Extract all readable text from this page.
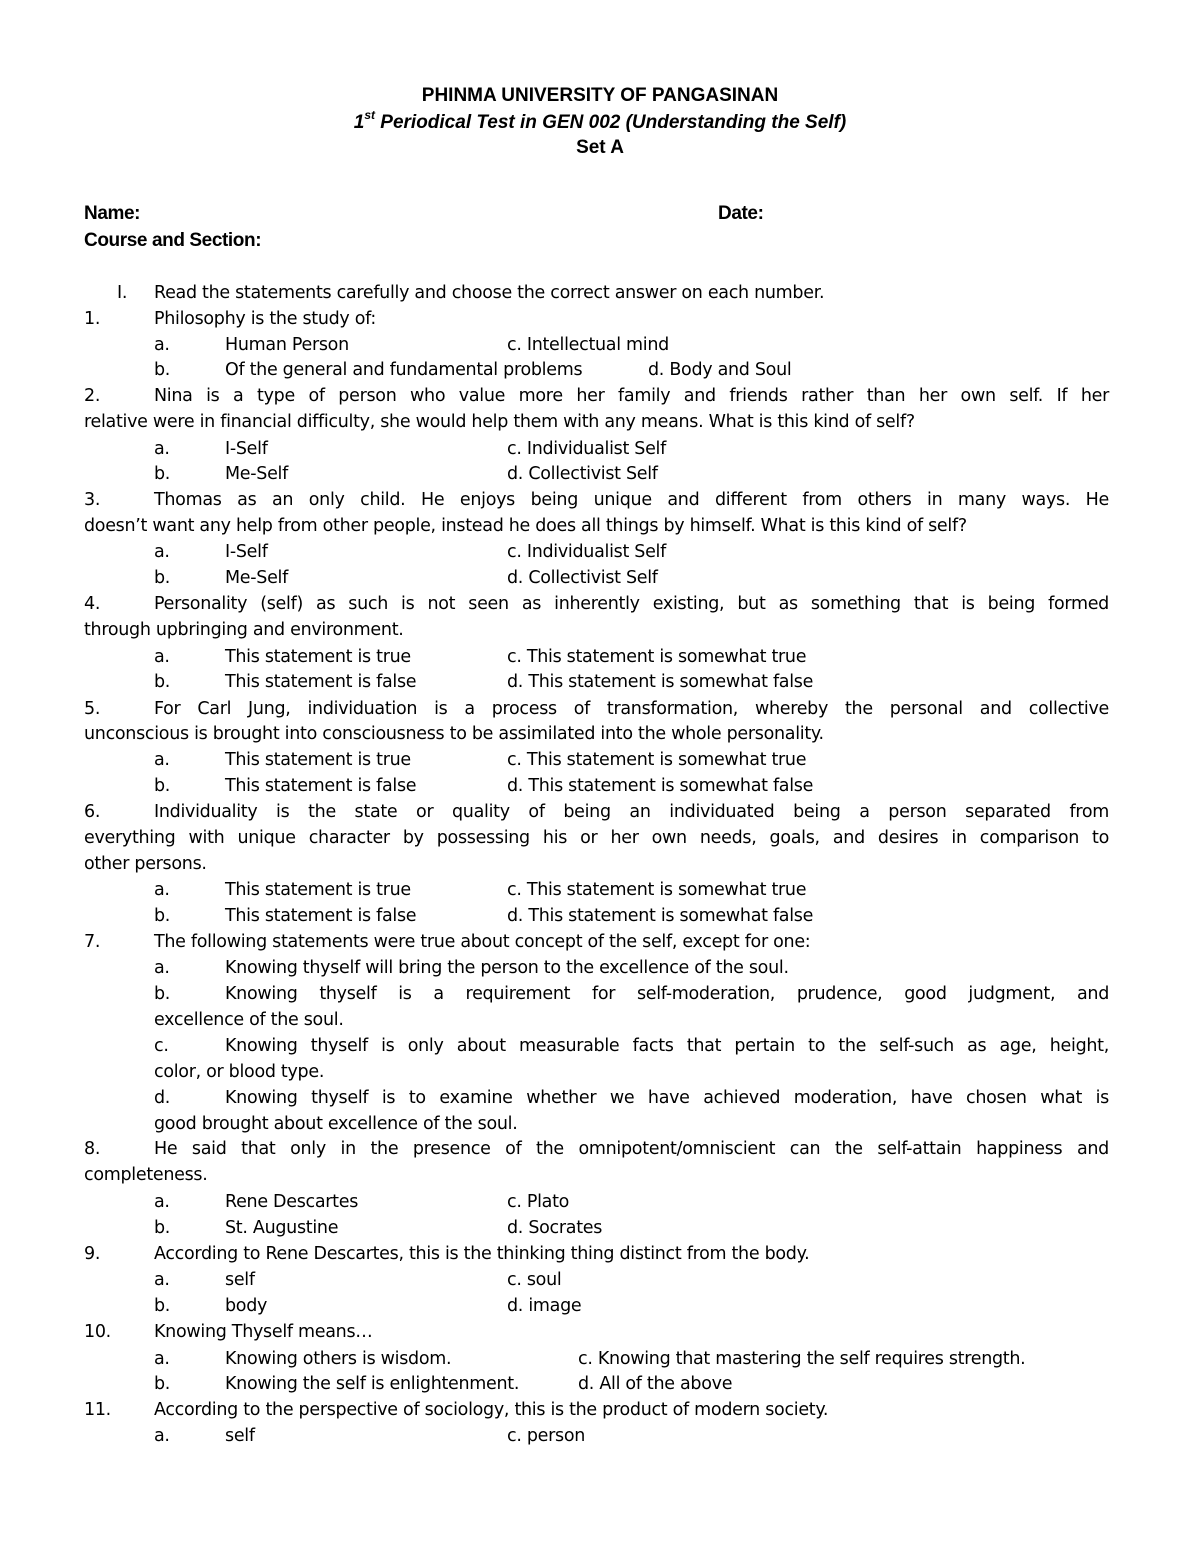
PHINMA UNIVERSITY OF PANGASINAN
1st Periodical Test in GEN 002 (Understanding the Self)
Set A
Name:	Date:
Course and Section:
I. Read the statements carefully and choose the correct answer on each number.
1.	Philosophy is the study of:
a.	Human Person	c. Intellectual mind
b.	Of the general and fundamental problems	d. Body and Soul
2.	Nina is a type of person who value more her family and friends rather than her own self. If her
relative were in financial difficulty, she would help them with any means. What is this kind of self?
a.	I-Self	c. Individualist Self
b.	Me-Self	d. Collectivist Self
3.	Thomas as an only child. He enjoys being unique and different from others in many ways. He
doesn’t want any help from other people, instead he does all things by himself. What is this kind of self?
a.	I-Self	c. Individualist Self
b.	Me-Self	d. Collectivist Self
4.	Personality (self) as such is not seen as inherently existing, but as something that is being formed
through upbringing and environment.
a.	This statement is true	c. This statement is somewhat true
b.	This statement is false	d. This statement is somewhat false
5.	For Carl Jung, individuation is a process of transformation, whereby the personal and collective
unconscious is brought into consciousness to be assimilated into the whole personality.
a.	This statement is true	c. This statement is somewhat true
b.	This statement is false	d. This statement is somewhat false
6.	Individuality is the state or quality of being an individuated being a person separated from
everything with unique character by possessing his or her own needs, goals, and desires in comparison to
other persons.
a.	This statement is true	c. This statement is somewhat true
b.	This statement is false	d. This statement is somewhat false
7.	The following statements were true about concept of the self, except for one:
a.	Knowing thyself will bring the person to the excellence of the soul.
b.	Knowing thyself is a requirement for self-moderation, prudence, good judgment, and
excellence of the soul.
c.	Knowing thyself is only about measurable facts that pertain to the self-such as age, height,
color, or blood type.
d.	Knowing thyself is to examine whether we have achieved moderation, have chosen what is
good brought about excellence of the soul.
8.	He said that only in the presence of the omnipotent/omniscient can the self-attain happiness and
completeness.
a.	Rene Descartes	c. Plato
b.	St. Augustine	d. Socrates
9.	According to Rene Descartes, this is the thinking thing distinct from the body.
a.	self	c. soul
b.	body	d. image
10. Knowing Thyself means…
a.	Knowing others is wisdom.	c. Knowing that mastering the self requires strength.
b.	Knowing the self is enlightenment.	d. All of the above
11. According to the perspective of sociology, this is the product of modern society.
a.	self	c. person
